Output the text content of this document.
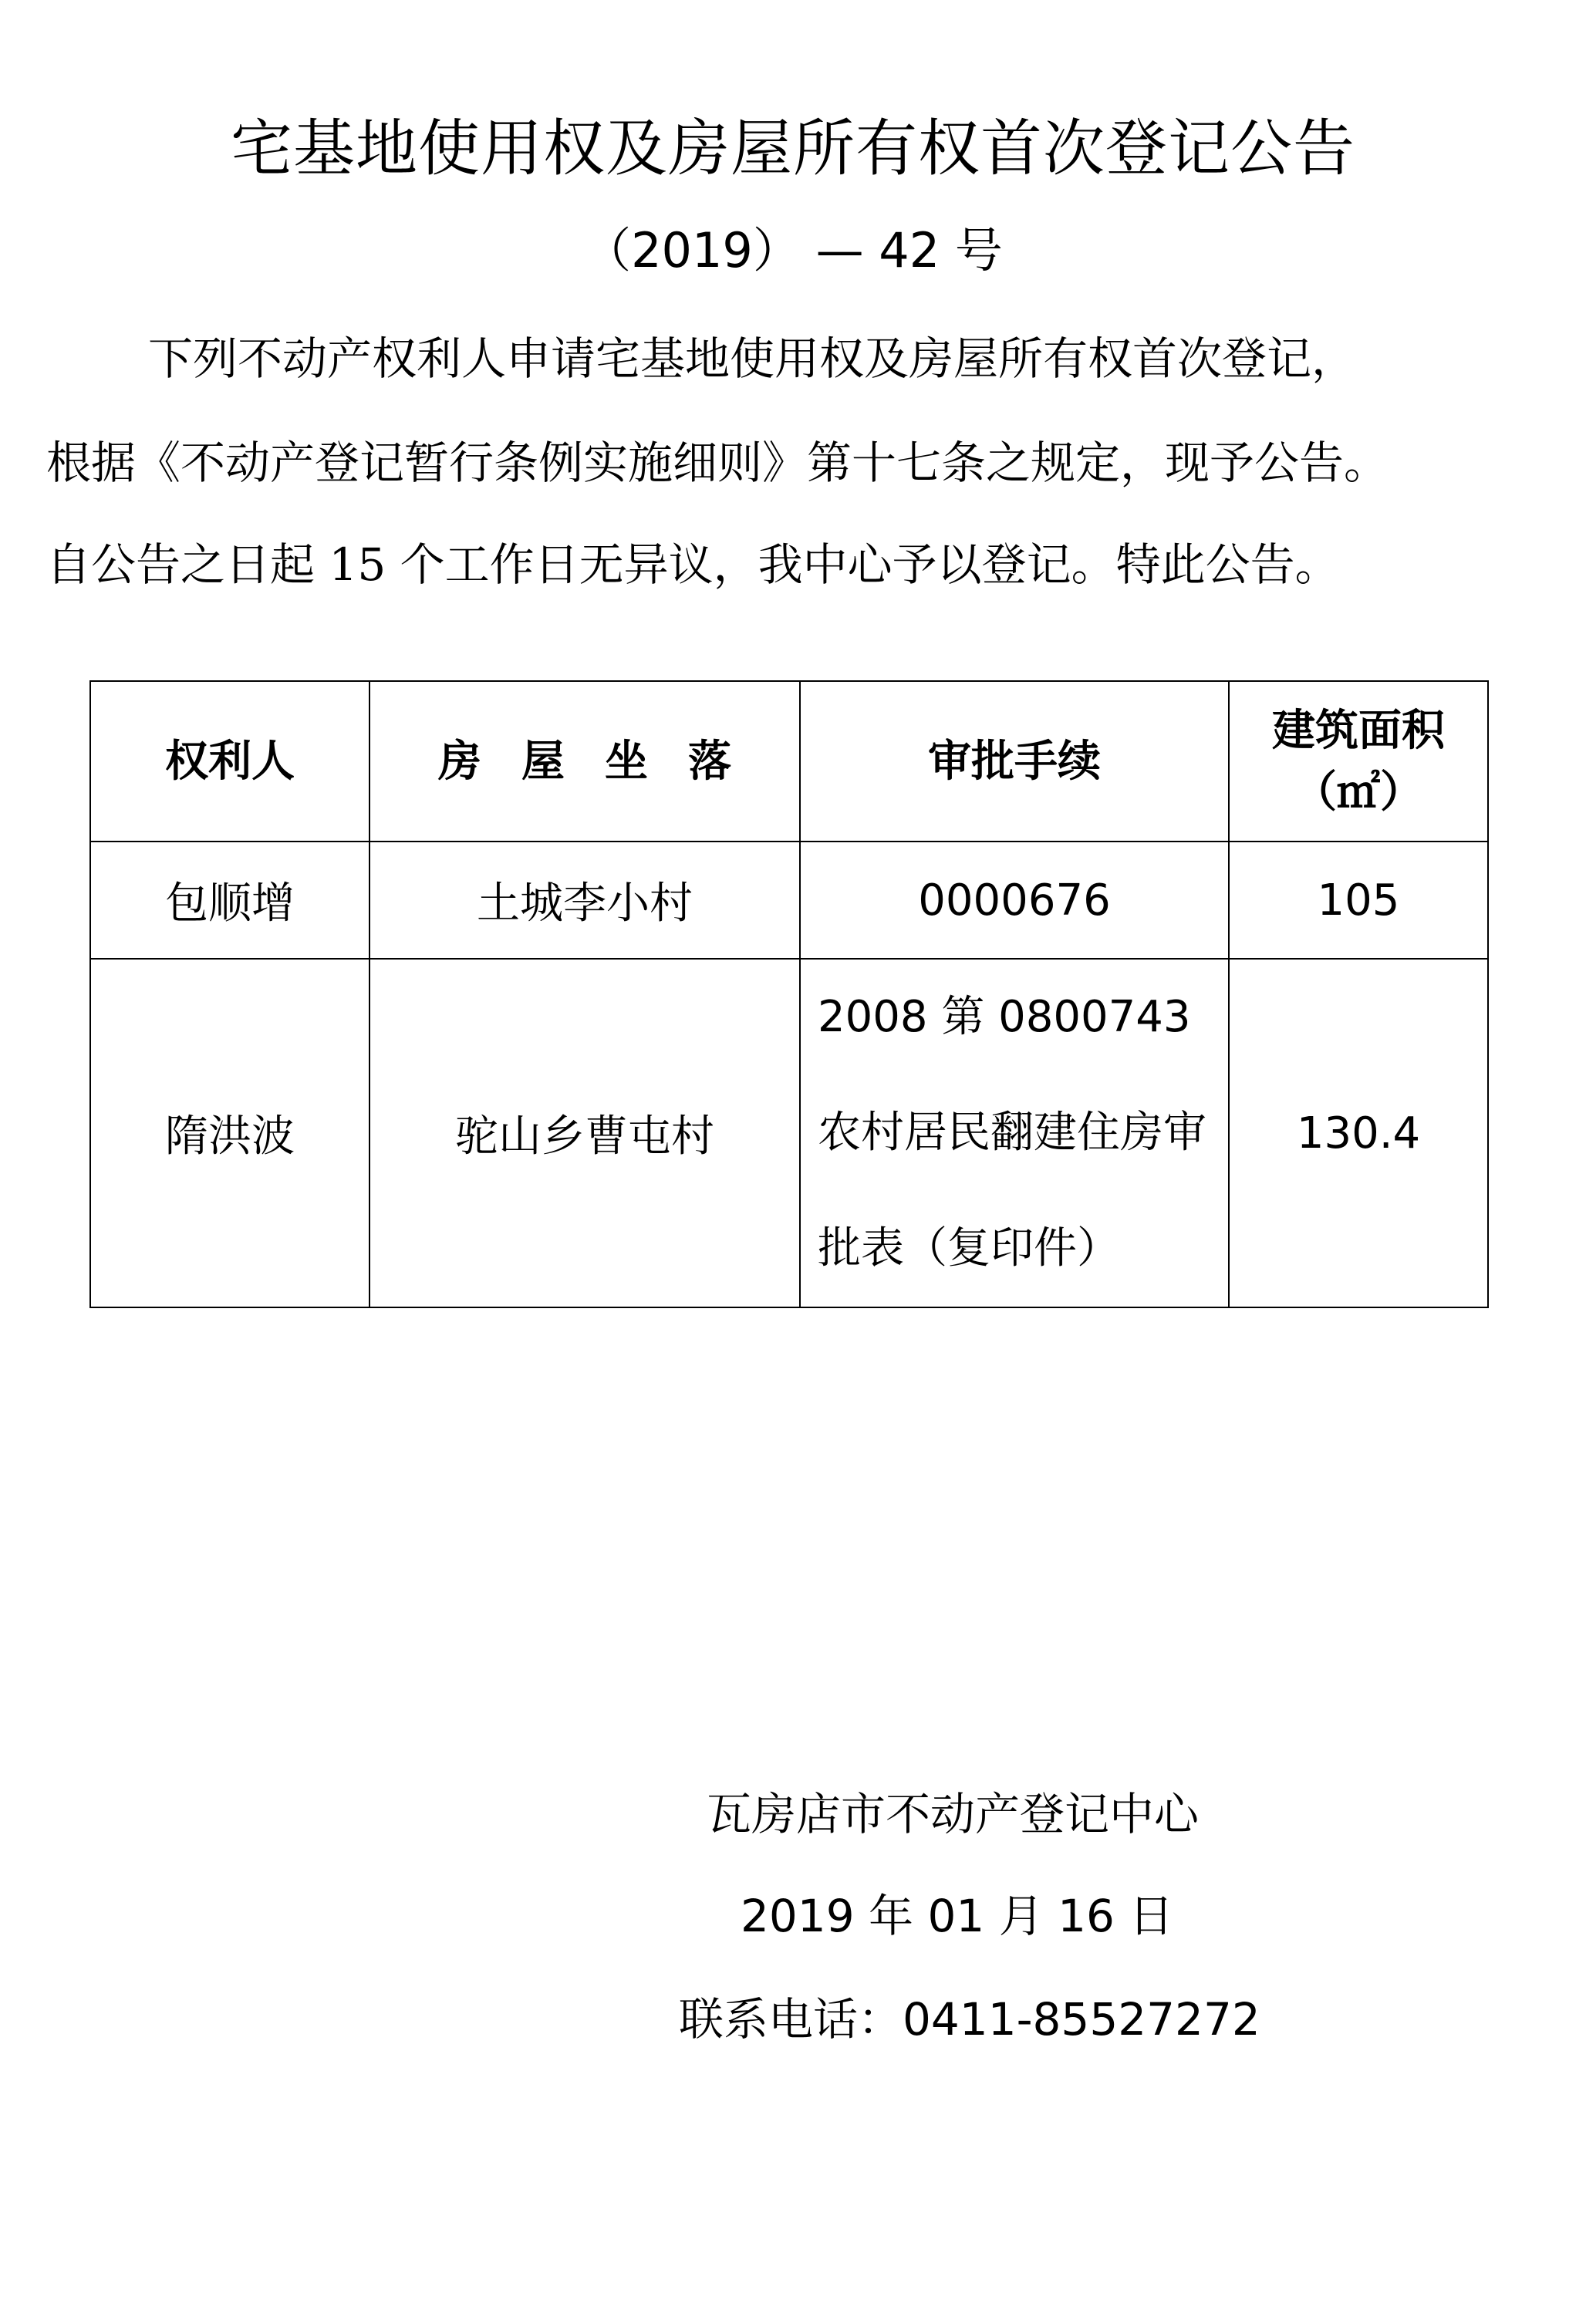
宅基地使用权及房屋所有权首次登记公告
（2019） — 42 号
下列不动产权利人申请宅基地使用权及房屋所有权首次登记，
根据《不动产登记暂行条例实施细则》第十七条之规定，现予公告。
自公告之日起 15 个工作日无异议，我中心予以登记。特此公告。
权利人	房屋坐落	审批手续	建筑面积
（㎡）

包顺增	土城李小村	0000676	105
隋洪波	驼山乡曹屯村	2008 第 0800743 农村居民翻建住房审批表（复印件）	130.4
瓦房店市不动产登记中心
2019 年 01 月 16 日
联系电话：0411-85527272
